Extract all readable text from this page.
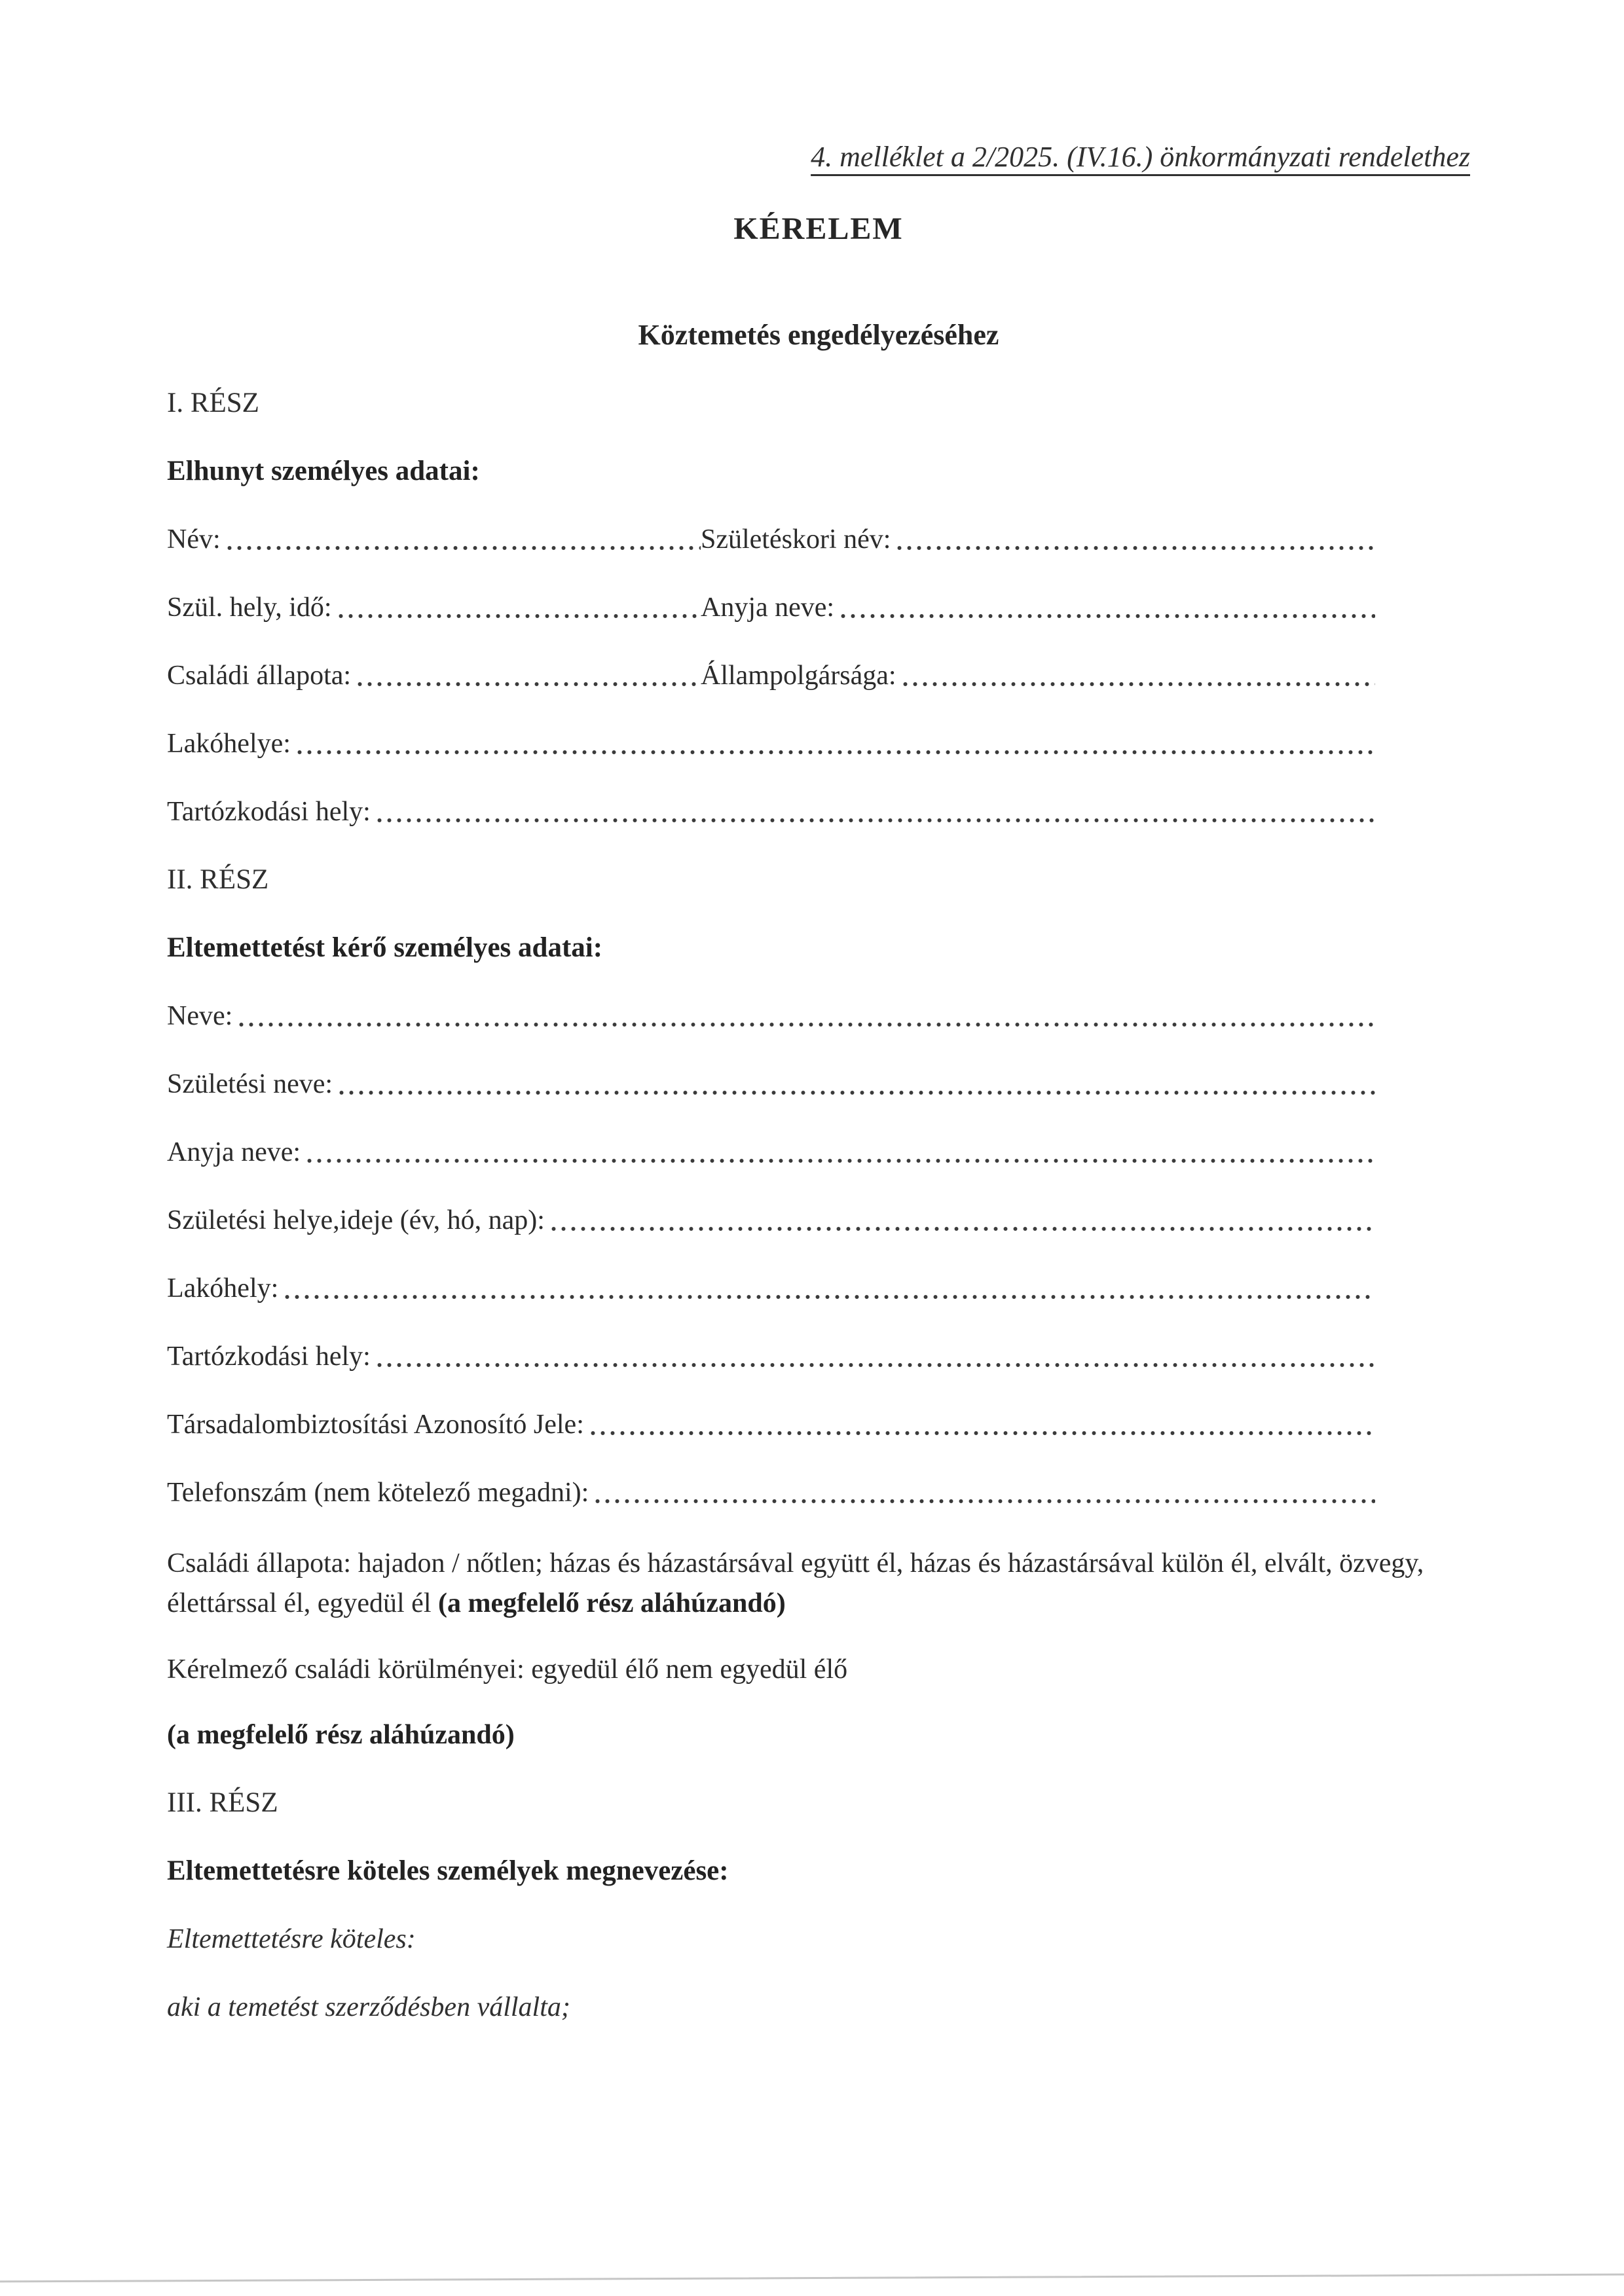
4. melléklet a 2/2025. (IV.16.) önkormányzati rendelethez
KÉRELEM
Köztemetés engedélyezéséhez
I. RÉSZ
Elhunyt személyes adatai:
Név:	Születéskori név:
Szül. hely, idő:	Anyja neve:
Családi állapota:	Állampolgársága:
Lakóhelye:
Tartózkodási hely:
II. RÉSZ
Eltemettetést kérő személyes adatai:
Neve:
Születési neve:
Anyja neve:
Születési helye,ideje (év, hó, nap):
Lakóhely:
Tartózkodási hely:
Társadalombiztosítási Azonosító Jele:
Telefonszám (nem kötelező megadni):
Családi állapota: hajadon / nőtlen; házas és házastársával együtt él, házas és házastársával külön él, elvált, özvegy, élettárssal él, egyedül él (a megfelelő rész aláhúzandó)
Kérelmező családi körülményei: egyedül élő nem egyedül élő
(a megfelelő rész aláhúzandó)
III. RÉSZ
Eltemettetésre köteles személyek megnevezése:
Eltemettetésre köteles:
aki a temetést szerződésben vállalta;
